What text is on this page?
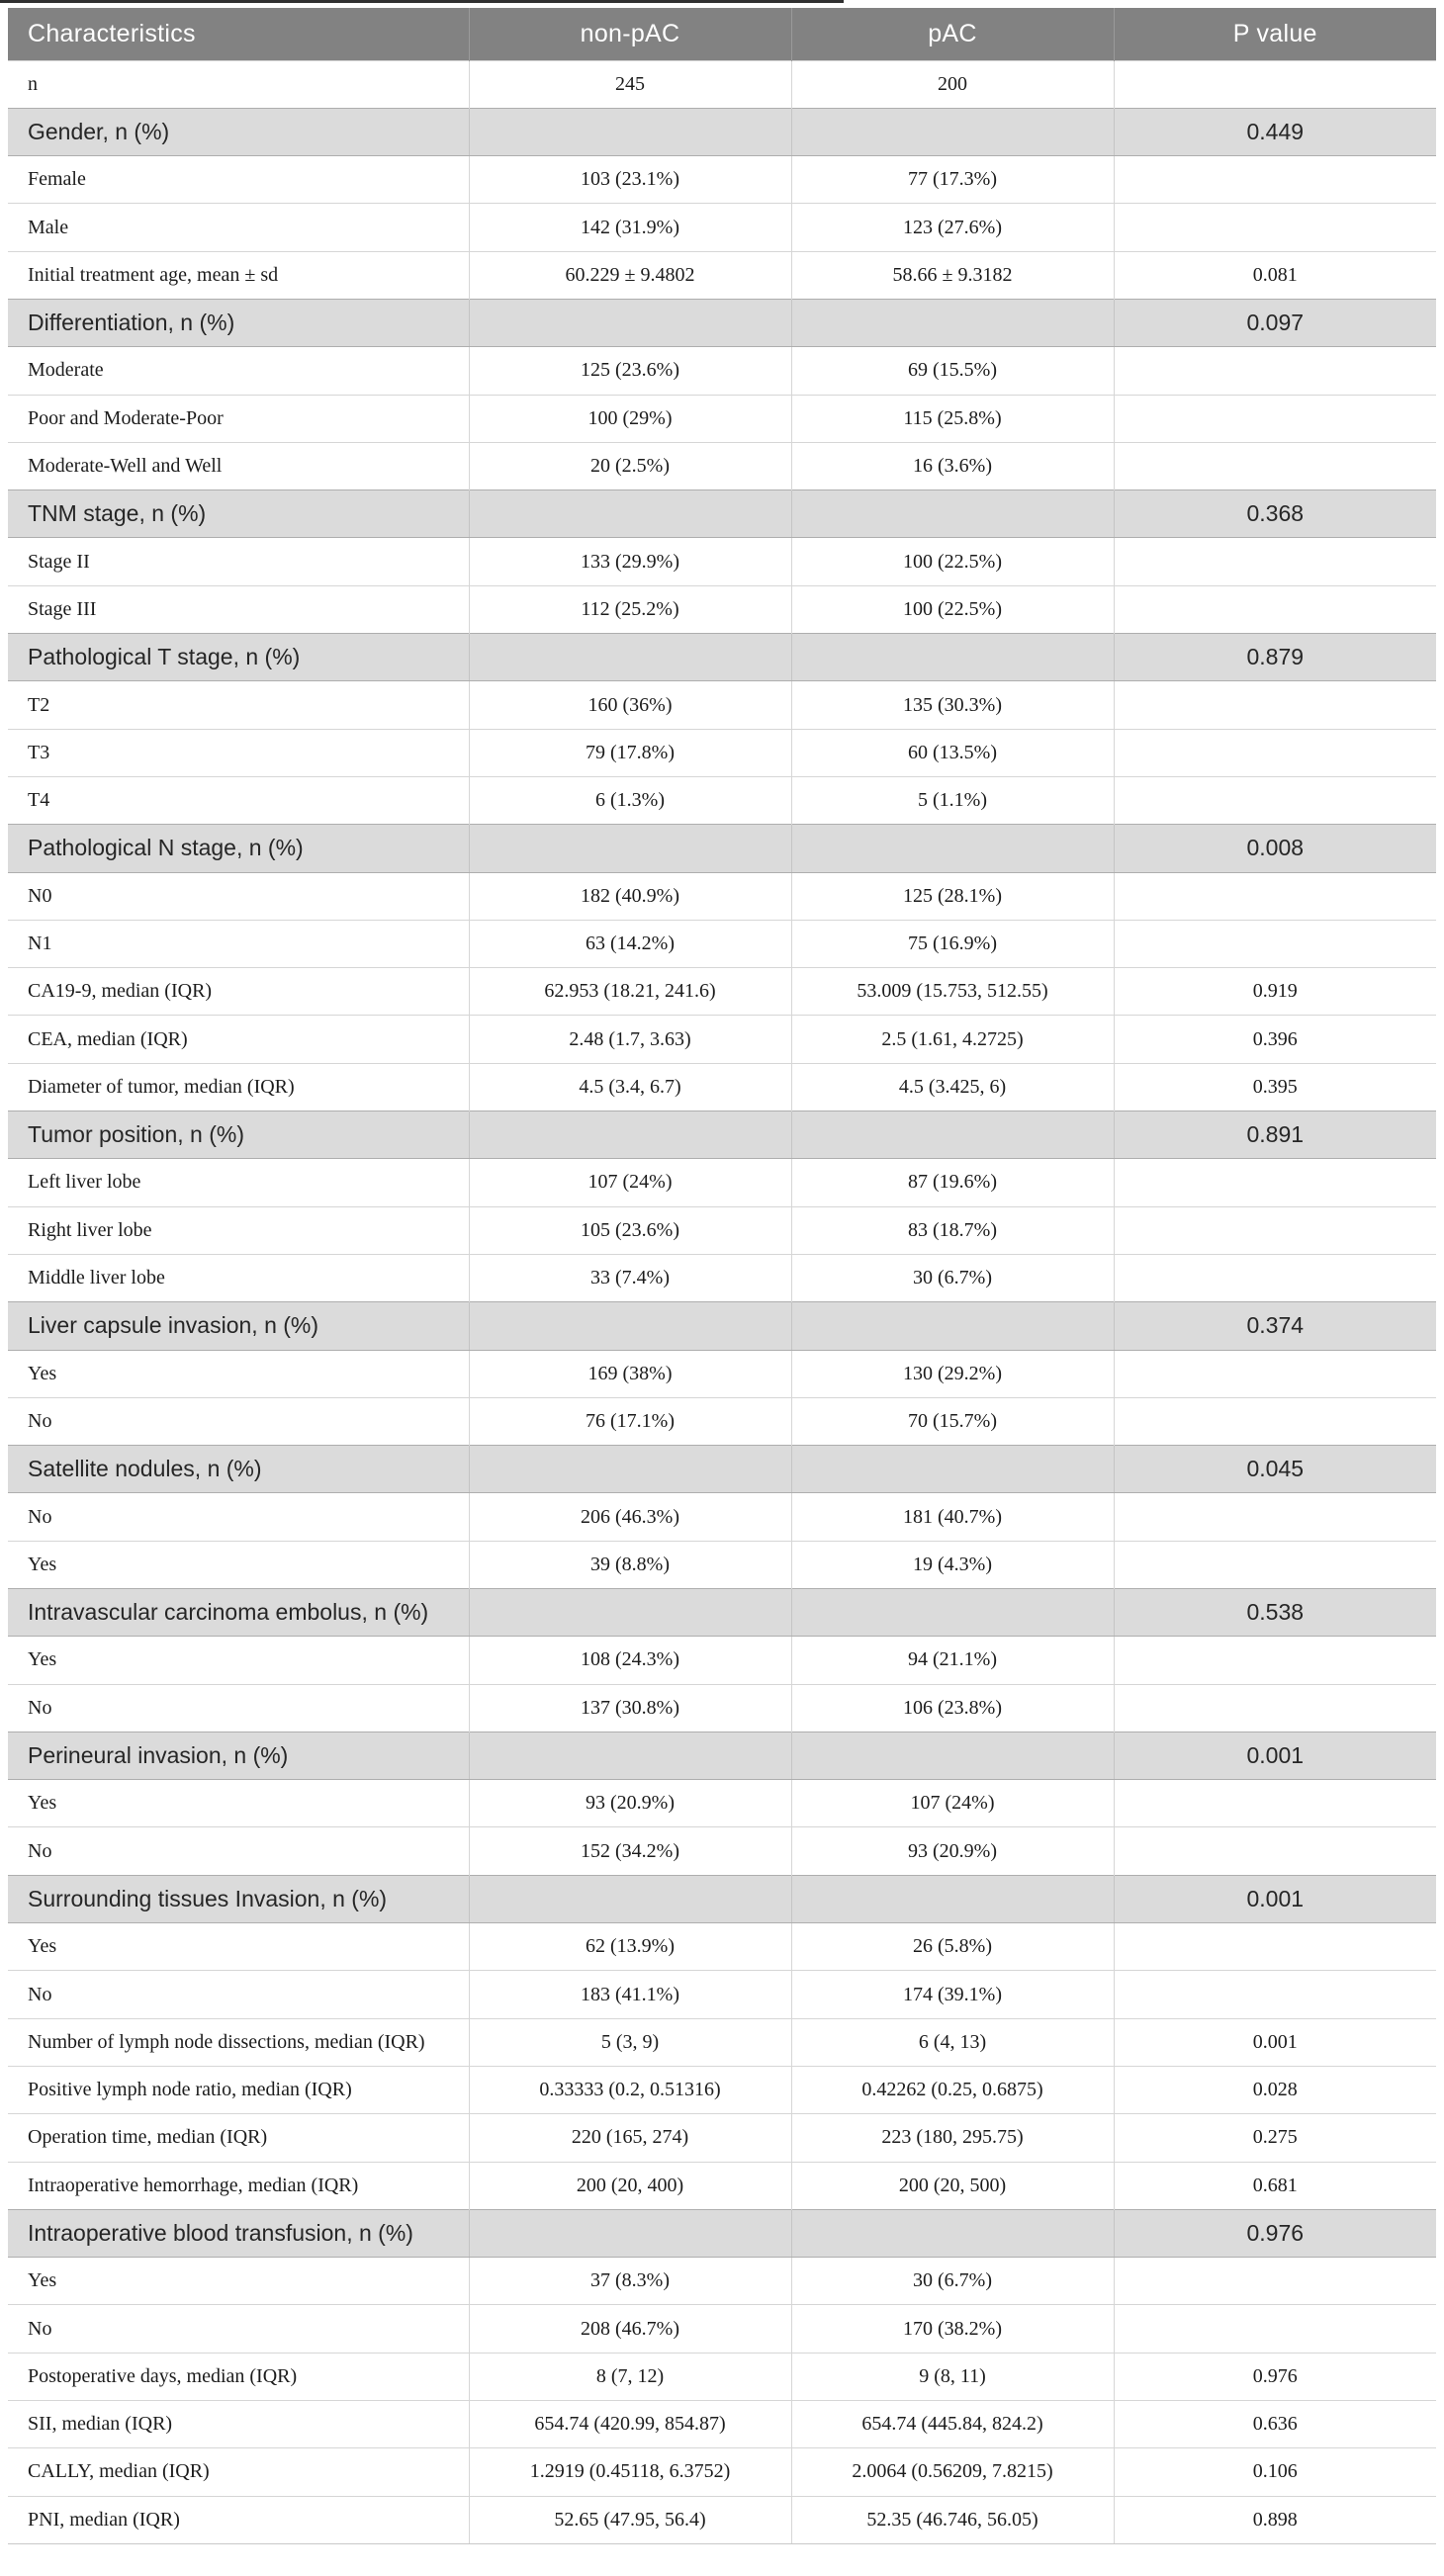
Characteristics	non-pAC	pAC	P value
n	245	200	
Gender, n (%)			0.449
Female	103 (23.1%)	77 (17.3%)	
Male	142 (31.9%)	123 (27.6%)	
Initial treatment age, mean ± sd	60.229 ± 9.4802	58.66 ± 9.3182	0.081
Differentiation, n (%)			0.097
Moderate	125 (23.6%)	69 (15.5%)	
Poor and Moderate-Poor	100 (29%)	115 (25.8%)	
Moderate-Well and Well	20 (2.5%)	16 (3.6%)	
TNM stage, n (%)			0.368
Stage II	133 (29.9%)	100 (22.5%)	
Stage III	112 (25.2%)	100 (22.5%)	
Pathological T stage, n (%)			0.879
T2	160 (36%)	135 (30.3%)	
T3	79 (17.8%)	60 (13.5%)	
T4	6 (1.3%)	5 (1.1%)	
Pathological N stage, n (%)			0.008
N0	182 (40.9%)	125 (28.1%)	
N1	63 (14.2%)	75 (16.9%)	
CA19-9, median (IQR)	62.953 (18.21, 241.6)	53.009 (15.753, 512.55)	0.919
CEA, median (IQR)	2.48 (1.7, 3.63)	2.5 (1.61, 4.2725)	0.396
Diameter of tumor, median (IQR)	4.5 (3.4, 6.7)	4.5 (3.425, 6)	0.395
Tumor position, n (%)			0.891
Left liver lobe	107 (24%)	87 (19.6%)	
Right liver lobe	105 (23.6%)	83 (18.7%)	
Middle liver lobe	33 (7.4%)	30 (6.7%)	
Liver capsule invasion, n (%)			0.374
Yes	169 (38%)	130 (29.2%)	
No	76 (17.1%)	70 (15.7%)	
Satellite nodules, n (%)			0.045
No	206 (46.3%)	181 (40.7%)	
Yes	39 (8.8%)	19 (4.3%)	
Intravascular carcinoma embolus, n (%)			0.538
Yes	108 (24.3%)	94 (21.1%)	
No	137 (30.8%)	106 (23.8%)	
Perineural invasion, n (%)			0.001
Yes	93 (20.9%)	107 (24%)	
No	152 (34.2%)	93 (20.9%)	
Surrounding tissues Invasion, n (%)			0.001
Yes	62 (13.9%)	26 (5.8%)	
No	183 (41.1%)	174 (39.1%)	
Number of lymph node dissections, median (IQR)	5 (3, 9)	6 (4, 13)	0.001
Positive lymph node ratio, median (IQR)	0.33333 (0.2, 0.51316)	0.42262 (0.25, 0.6875)	0.028
Operation time, median (IQR)	220 (165, 274)	223 (180, 295.75)	0.275
Intraoperative hemorrhage, median (IQR)	200 (20, 400)	200 (20, 500)	0.681
Intraoperative blood transfusion, n (%)			0.976
Yes	37 (8.3%)	30 (6.7%)	
No	208 (46.7%)	170 (38.2%)	
Postoperative days, median (IQR)	8 (7, 12)	9 (8, 11)	0.976
SII, median (IQR)	654.74 (420.99, 854.87)	654.74 (445.84, 824.2)	0.636
CALLY, median (IQR)	1.2919 (0.45118, 6.3752)	2.0064 (0.56209, 7.8215)	0.106
PNI, median (IQR)	52.65 (47.95, 56.4)	52.35 (46.746, 56.05)	0.898
